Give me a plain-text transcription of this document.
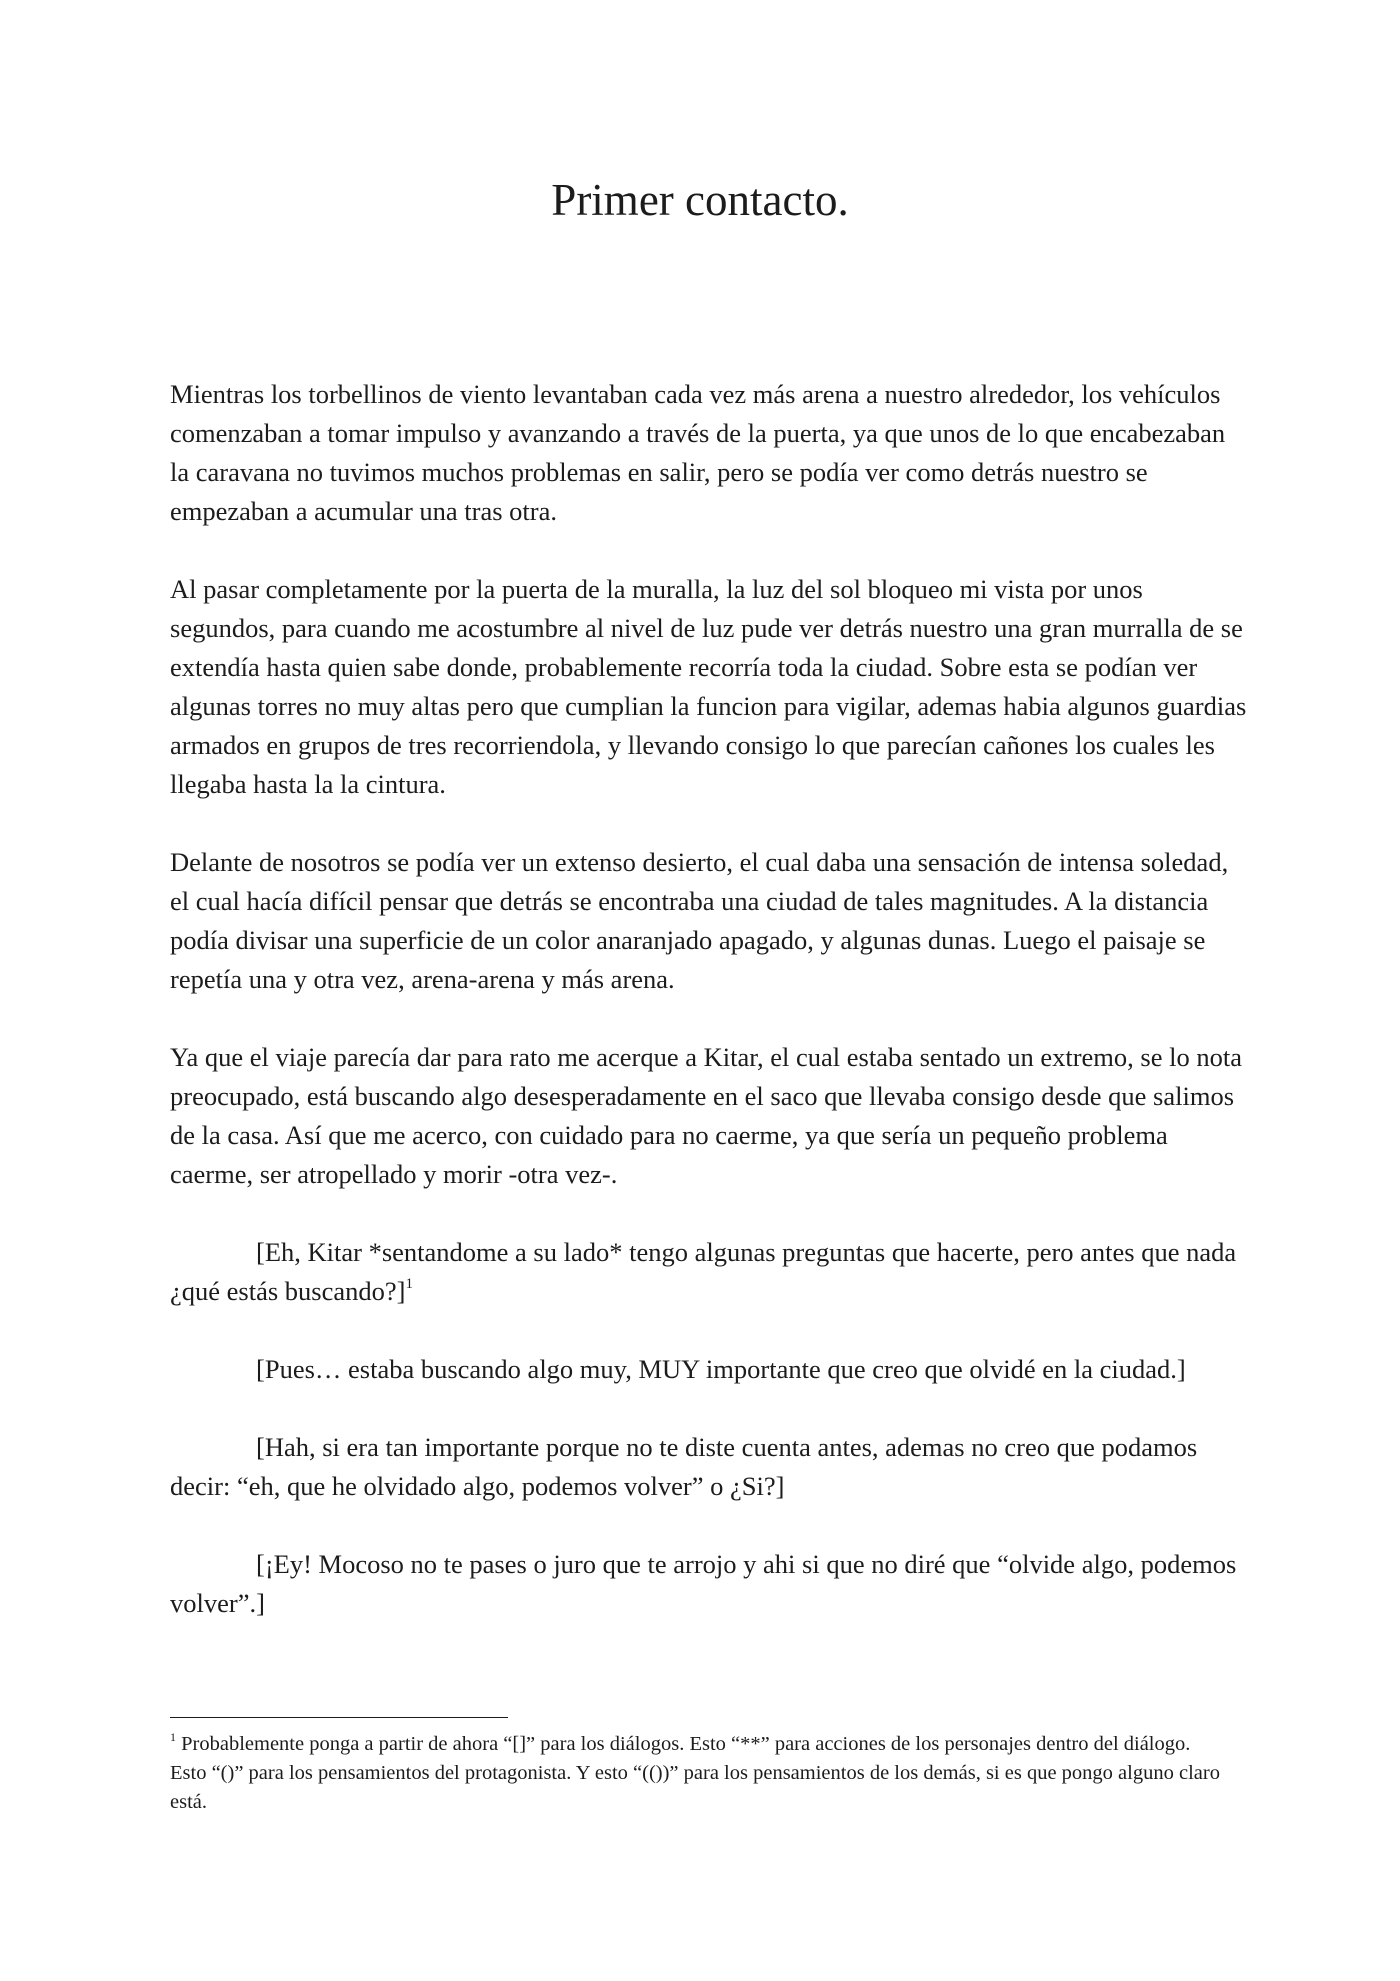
Primer contacto.

Mientras los torbellinos de viento levantaban cada vez más arena a nuestro alrededor, los vehículos comenzaban a tomar impulso y avanzando a través de la puerta, ya que unos de lo que encabezaban la caravana no tuvimos muchos problemas en salir, pero se podía ver como detrás nuestro se empezaban a acumular una tras otra.

Al pasar completamente por la puerta de la muralla, la luz del sol bloqueo mi vista por unos segundos, para cuando me acostumbre al nivel de luz pude ver detrás nuestro una gran murralla de se extendía hasta quien sabe donde, probablemente recorría toda la ciudad. Sobre esta se podían ver algunas torres no muy altas pero que cumplian la funcion para vigilar, ademas habia algunos guardias armados en grupos de tres recorriendola, y llevando consigo lo que parecían cañones los cuales les llegaba hasta la la cintura.

Delante de nosotros se podía ver un extenso desierto, el cual daba una sensación de intensa soledad, el cual hacía difícil pensar que detrás se encontraba una ciudad de tales magnitudes. A la distancia podía divisar una superficie de un color anaranjado apagado, y algunas dunas. Luego el paisaje se repetía una y otra vez, arena-arena y más arena.

Ya que el viaje parecía dar para rato me acerque a Kitar, el cual estaba sentado un extremo, se lo nota preocupado, está buscando algo desesperadamente en el saco que llevaba consigo desde que salimos de la casa. Así que me acerco, con cuidado para no caerme, ya que sería un pequeño problema caerme, ser atropellado y morir -otra vez-.

[Eh, Kitar *sentandome a su lado* tengo algunas preguntas que hacerte, pero antes que nada ¿qué estás buscando?]$^1$

[Pues… estaba buscando algo muy, MUY importante que creo que olvidé en la ciudad.]

[Hah, si era tan importante porque no te diste cuenta antes, ademas no creo que podamos decir: “eh, que he olvidado algo, podemos volver” o ¿Si?]

[¡Ey! Mocoso no te pases o juro que te arrojo y ahi si que no diré que “olvide algo, podemos volver”.]

$^1$ Probablemente ponga a partir de ahora “[]” para los diálogos. Esto “**” para acciones de los personajes dentro del diálogo. Esto “()” para los pensamientos del protagonista. Y esto “(())” para los pensamientos de los demás, si es que pongo alguno claro está.
